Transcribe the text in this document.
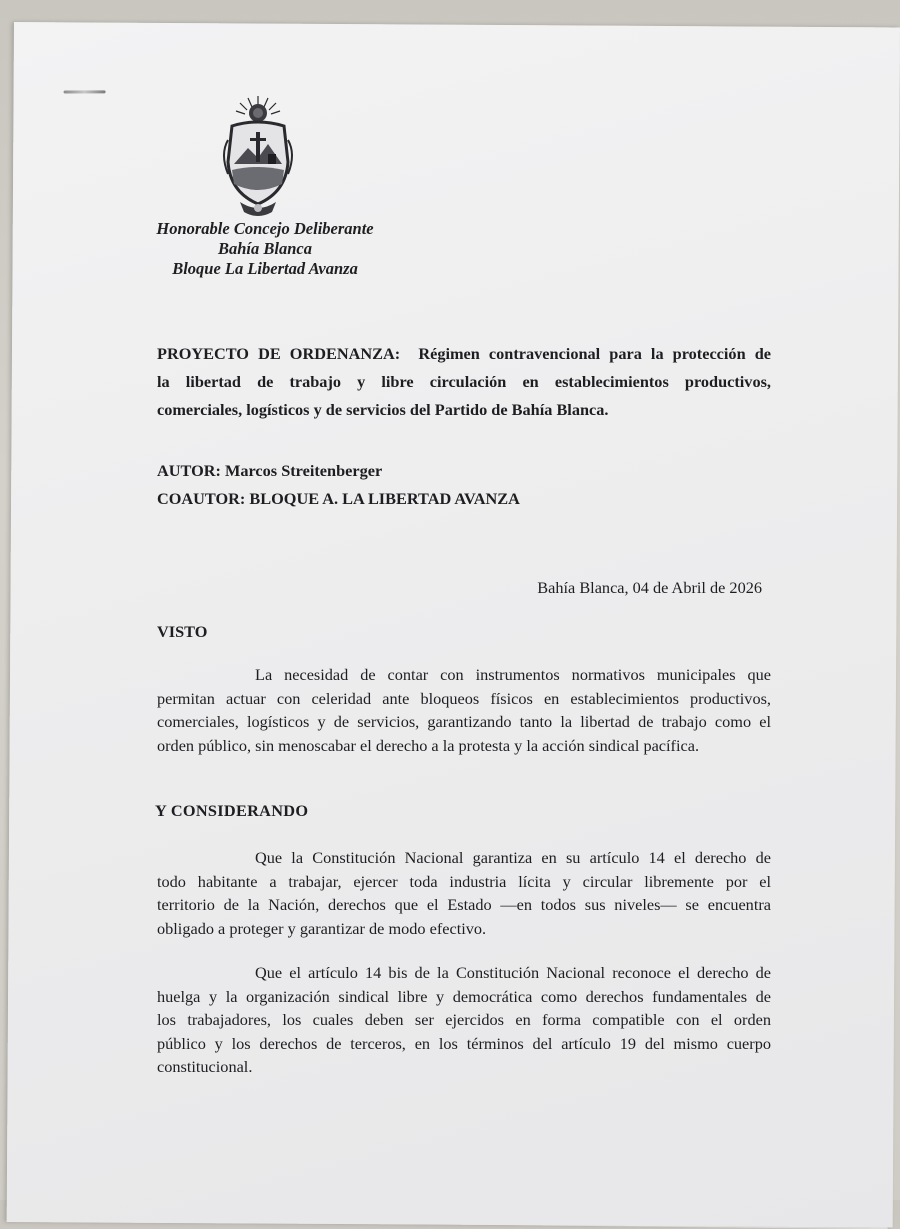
Honorable Concejo Deliberante
Bahía Blanca
Bloque La Libertad Avanza
PROYECTO DE ORDENANZA: Régimen contravencional para la protección de
la libertad de trabajo y libre circulación en establecimientos productivos,
comerciales, logísticos y de servicios del Partido de Bahía Blanca.
AUTOR: Marcos Streitenberger
COAUTOR: BLOQUE A. LA LIBERTAD AVANZA
Bahía Blanca, 04 de Abril de 2026
VISTO
La necesidad de contar con instrumentos normativos municipales que
permitan actuar con celeridad ante bloqueos físicos en establecimientos productivos,
comerciales, logísticos y de servicios, garantizando tanto la libertad de trabajo como el
orden público, sin menoscabar el derecho a la protesta y la acción sindical pacífica.
Y CONSIDERANDO
Que la Constitución Nacional garantiza en su artículo 14 el derecho de
todo habitante a trabajar, ejercer toda industria lícita y circular libremente por el
territorio de la Nación, derechos que el Estado —en todos sus niveles— se encuentra
obligado a proteger y garantizar de modo efectivo.
Que el artículo 14 bis de la Constitución Nacional reconoce el derecho de
huelga y la organización sindical libre y democrática como derechos fundamentales de
los trabajadores, los cuales deben ser ejercidos en forma compatible con el orden
público y los derechos de terceros, en los términos del artículo 19 del mismo cuerpo
constitucional.
